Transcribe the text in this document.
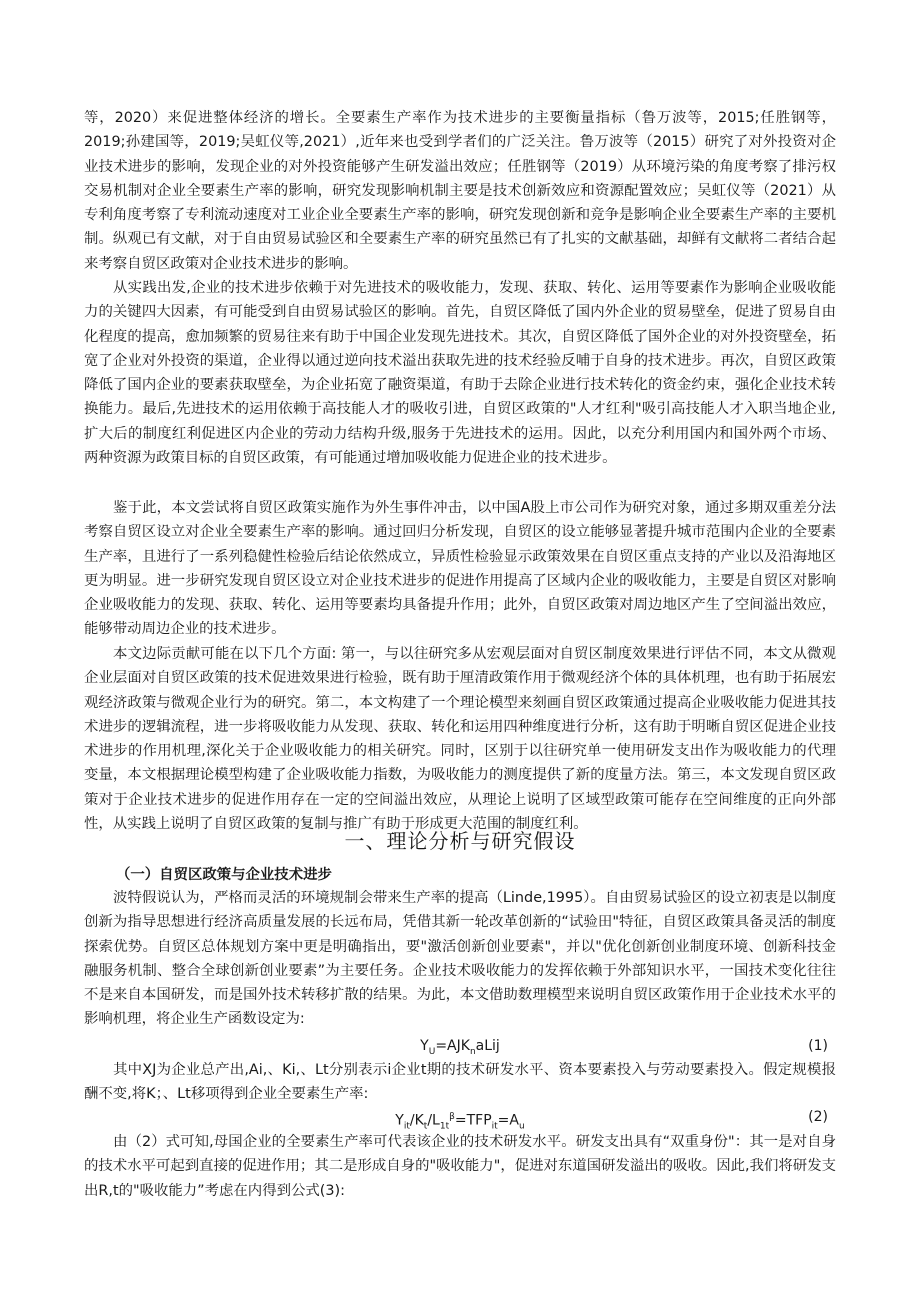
等，2020）来促进整体经济的增长。全要素生产率作为技术进步的主要衡量指标（鲁万波等，2015;任胜钢等，2019;孙建国等，2019;吴虹仪等,2021）,近年来也受到学者们的广泛关注。鲁万波等（2015）研究了对外投资对企业技术进步的影响，发现企业的对外投资能够产生研发溢出效应；任胜钢等（2019）从环境污染的角度考察了排污权交易机制对企业全要素生产率的影响，研究发现影响机制主要是技术创新效应和资源配置效应；吴虹仪等（2021）从专利角度考察了专利流动速度对工业企业全要素生产率的影响，研究发现创新和竞争是影响企业全要素生产率的主要机制。纵观已有文献，对于自由贸易试验区和全要素生产率的研究虽然已有了扎实的文献基础，却鲜有文献将二者结合起来考察自贸区政策对企业技术进步的影响。

从实践出发,企业的技术进步依赖于对先进技术的吸收能力，发现、获取、转化、运用等要素作为影响企业吸收能力的关键四大因素，有可能受到自由贸易试验区的影响。首先，自贸区降低了国内外企业的贸易壁垒，促进了贸易自由化程度的提高，愈加频繁的贸易往来有助于中国企业发现先进技术。其次，自贸区降低了国外企业的对外投资壁垒，拓宽了企业对外投资的渠道，企业得以通过逆向技术溢出获取先进的技术经验反哺于自身的技术进步。再次，自贸区政策降低了国内企业的要素获取壁垒，为企业拓宽了融资渠道，有助于去除企业进行技术转化的资金约束，强化企业技术转换能力。最后,先进技术的运用依赖于高技能人才的吸收引进，自贸区政策的"人才红利"吸引高技能人才入职当地企业,扩大后的制度红利促进区内企业的劳动力结构升级,服务于先进技术的运用。因此，以充分利用国内和国外两个市场、两种资源为政策目标的自贸区政策，有可能通过增加吸收能力促进企业的技术进步。

鉴于此，本文尝试将自贸区政策实施作为外生事件冲击，以中国A股上市公司作为研究对象，通过多期双重差分法考察自贸区设立对企业全要素生产率的影响。通过回归分析发现，自贸区的设立能够显著提升城市范围内企业的全要素生产率，且进行了一系列稳健性检验后结论依然成立，异质性检验显示政策效果在自贸区重点支持的产业以及沿海地区更为明显。进一步研究发现自贸区设立对企业技术进步的促进作用提高了区域内企业的吸收能力，主要是自贸区对影响企业吸收能力的发现、获取、转化、运用等要素均具备提升作用；此外，自贸区政策对周边地区产生了空间溢出效应，能够带动周边企业的技术进步。

本文边际贡献可能在以下几个方面: 第一，与以往研究多从宏观层面对自贸区制度效果进行评估不同，本文从微观企业层面对自贸区政策的技术促进效果进行检验，既有助于厘清政策作用于微观经济个体的具体机理，也有助于拓展宏观经济政策与微观企业行为的研究。第二，本文构建了一个理论模型来刻画自贸区政策通过提高企业吸收能力促进其技术进步的逻辑流程，进一步将吸收能力从发现、获取、转化和运用四种维度进行分析，这有助于明晰自贸区促进企业技术进步的作用机理,深化关于企业吸收能力的相关研究。同时，区别于以往研究单一使用研发支出作为吸收能力的代理变量，本文根据理论模型构建了企业吸收能力指数，为吸收能力的测度提供了新的度量方法。第三，本文发现自贸区政策对于企业技术进步的促进作用存在一定的空间溢出效应，从理论上说明了区域型政策可能存在空间维度的正向外部性，从实践上说明了自贸区政策的复制与推广有助于形成更大范围的制度红利。

一、理论分析与研究假设
（一）自贸区政策与企业技术进步

波特假说认为，严格而灵活的环境规制会带来生产率的提高（Linde,1995）。自由贸易试验区的设立初衷是以制度创新为指导思想进行经济高质量发展的长远布局，凭借其新一轮改革创新的“试验田"特征，自贸区政策具备灵活的制度探索优势。自贸区总体规划方案中更是明确指出，要"激活创新创业要素"，并以"优化创新创业制度环境、创新科技金融服务机制、整合全球创新创业要素”为主要任务。企业技术吸收能力的发挥依赖于外部知识水平，一国技术变化往往不是来自本国研发，而是国外技术转移扩散的结果。为此，本文借助数理模型来说明自贸区政策作用于企业技术水平的影响机理，将企业生产函数设定为:

$Y_U=AJK_naLij$	(1)

其中XJ为企业总产出,Ai,、Ki,、Lt分别表示i企业t期的技术研发水平、资本要素投入与劳动要素投入。假定规模报酬不变,将K；、Lt移项得到企业全要素生产率:

$Y_{it}/K_t/L_{1t}^\beta=TFP_{it}=A_u$
(2)

由（2）式可知,母国企业的全要素生产率可代表该企业的技术研发水平。研发支出具有“双重身份"：其一是对自身的技术水平可起到直接的促进作用；其二是形成自身的"吸收能力"，促进对东道国研发溢出的吸收。因此,我们将研发支出R,t的"吸收能力”考虑在内得到公式(3):
